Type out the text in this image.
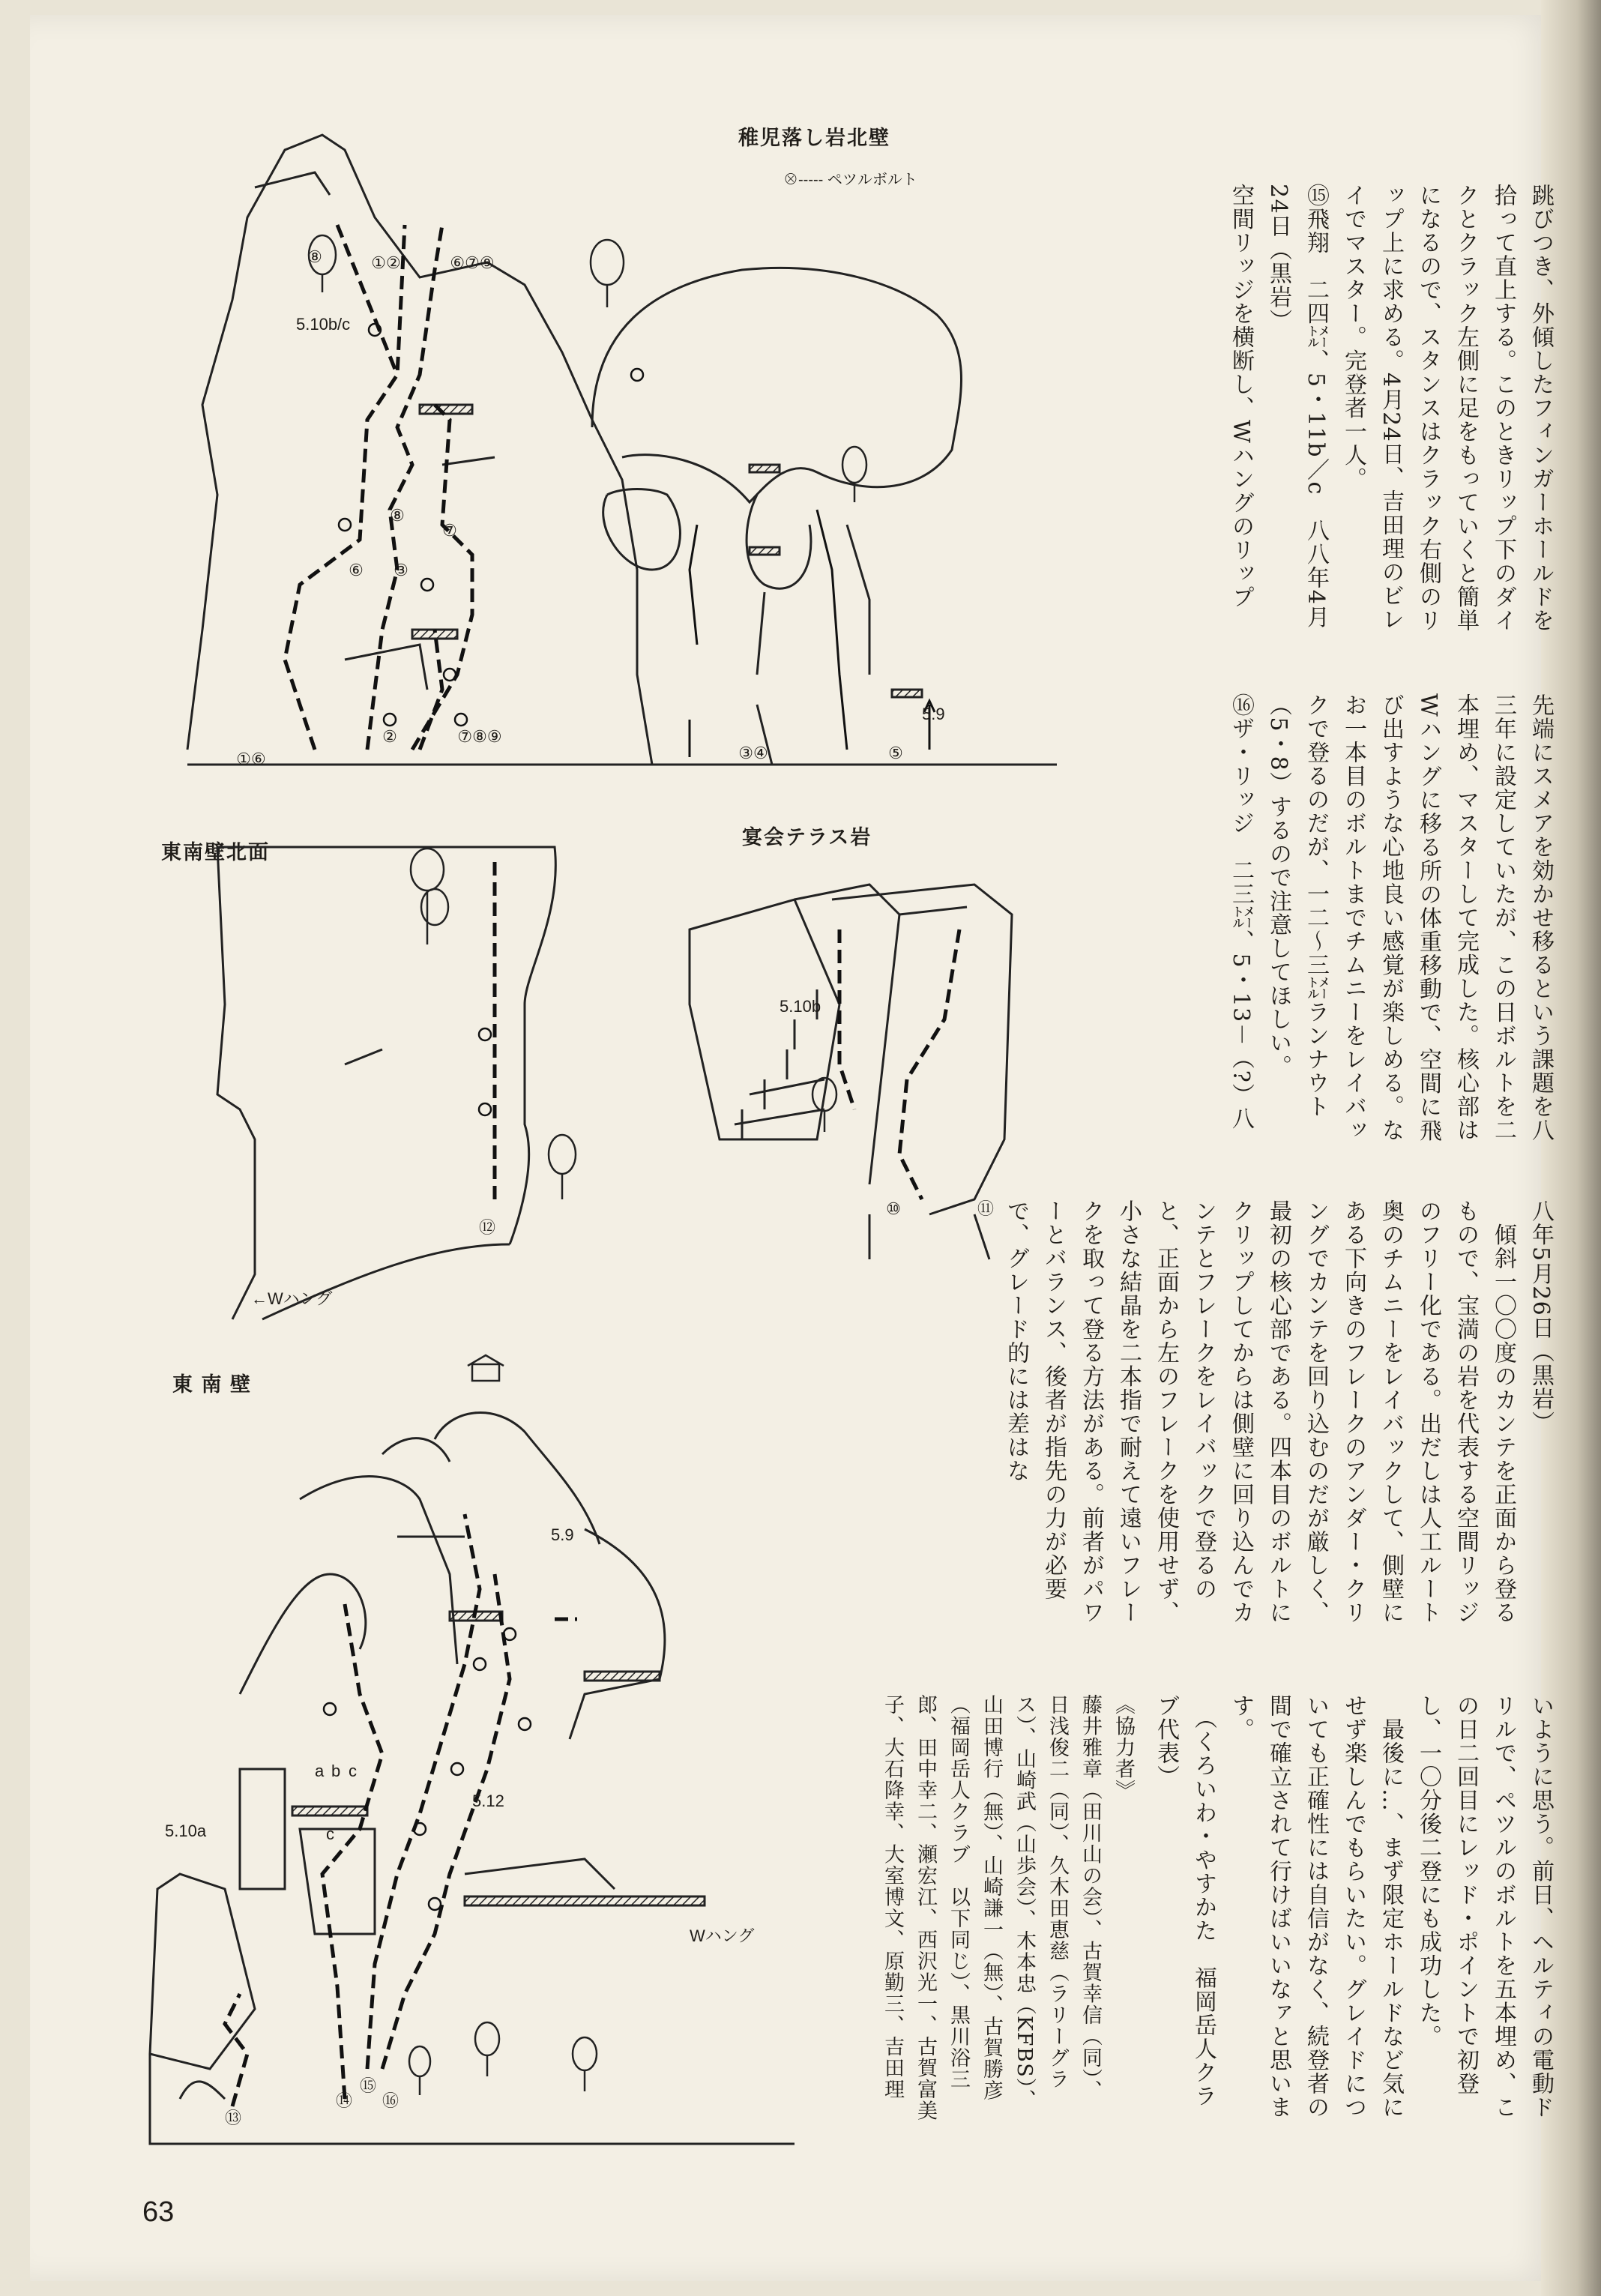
稚児落し岩北壁
①②	⑥⑦⑨
⑧
⑧
⑦
⑥ ③
①⑥
②	⑦⑧⑨
③④	⑤
5.10b/c
5.9
⊗----- ペツルボルト
東南壁北面
⑫
←Wハング
宴会テラス岩
5.10b
⑩	⑪
東 南 壁
5.9
5.12
5.10a
a b c
c
⑬
⑭
⑮
⑯
Wハング
跳びつき、外傾したフィンガーホールドを拾って直上する。このときリップ下のダイクとクラック左側に足をもっていくと簡単になるので、スタンスはクラック右側のリップ上に求める。4月24日、吉田理のビレイでマスター。完登者一人。
⑮飛翔　二四㍍、5・11b／c　八八年4月24日（黒岩）
空間リッジを横断し、Wハングのリップ
先端にスメアを効かせ移るという課題を八三年に設定していたが、この日ボルトを二本埋め、マスターして完成した。核心部はWハングに移る所の体重移動で、空間に飛び出すような心地良い感覚が楽しめる。なお一本目のボルトまでチムニーをレイバックで登るのだが、一二～三㍍ランナウト（5・8）するので注意してほしい。
⑯ザ・リッジ　二三㍍、5・13－（?）八
八年5月26日（黒岩）
　傾斜一〇〇度のカンテを正面から登るもので、宝満の岩を代表する空間リッジのフリー化である。出だしは人工ルート奥のチムニーをレイバックして、側壁にある下向きのフレークのアンダー・クリングでカンテを回り込むのだが厳しく、最初の核心部である。四本目のボルトにクリップしてからは側壁に回り込んでカンテとフレークをレイバックで登るのと、正面から左のフレークを使用せず、小さな結晶を二本指で耐えて遠いフレークを取って登る方法がある。前者がパワーとバランス、後者が指先の力が必要で、グレード的には差はな
いように思う。前日、ヘルティの電動ドリルで、ペツルのボルトを五本埋め、この日二回目にレッド・ポイントで初登し、一〇分後二登にも成功した。
　最後に…、まず限定ホールドなど気にせず楽しんでもらいたい。グレイドについても正確性には自信がなく、続登者の間で確立されて行けばいいなァと思います。
　（くろいわ・やすかた　福岡岳人クラブ代表）
《協力者》
藤井雅章（田川山の会）、古賀幸信（同）、日浅俊二（同）、久木田恵慈（ラリーグラス）、山崎武（山歩会）、木本忠（KFBS）、山田博行（無）、山崎謙一（無）、古賀勝彦（福岡岳人クラブ　以下同じ）、黒川浴三郎、田中幸二、瀬宏江、西沢光一、古賀富美子、大石降幸、大室博文、原勤三、吉田理
63
